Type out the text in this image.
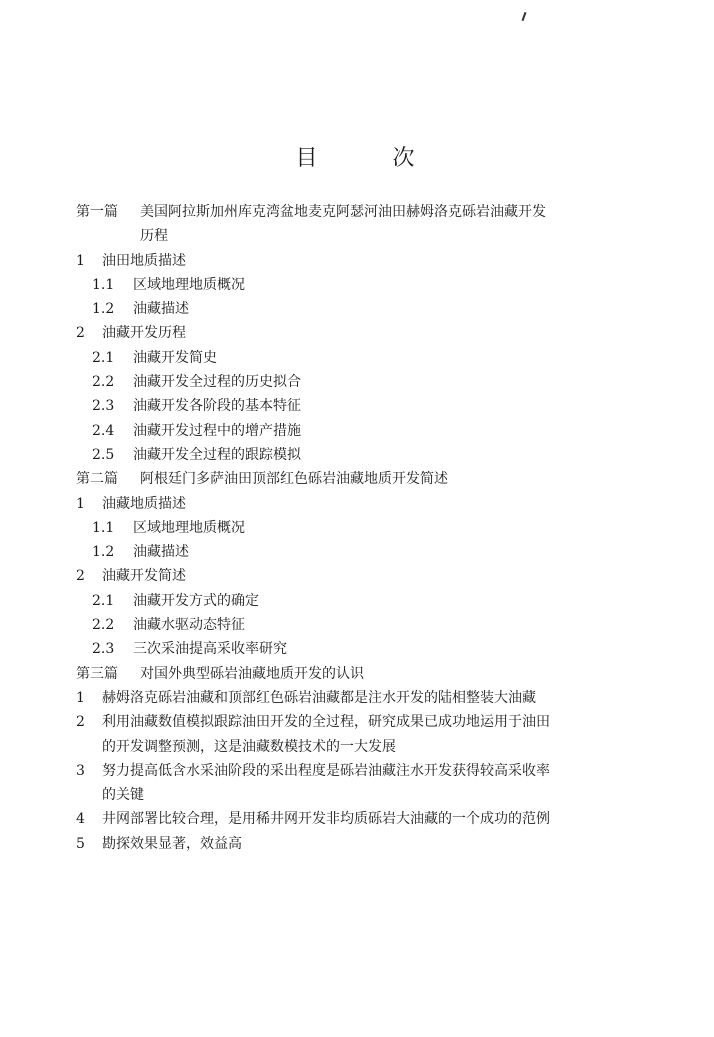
目 次
第一篇 美国阿拉斯加州库克湾盆地麦克阿瑟河油田赫姆洛克砾岩油藏开发
历程
1 油田地质描述
1.1 区域地理地质概况
1.2 油藏描述
2 油藏开发历程
2.1 油藏开发简史
2.2 油藏开发全过程的历史拟合
2.3 油藏开发各阶段的基本特征
2.4 油藏开发过程中的增产措施
2.5 油藏开发全过程的跟踪模拟
第二篇 阿根廷门多萨油田顶部红色砾岩油藏地质开发简述
1 油藏地质描述
1.1 区域地理地质概况
1.2 油藏描述
2 油藏开发简述
2.1 油藏开发方式的确定
2.2 油藏水驱动态特征
2.3 三次采油提高采收率研究
第三篇 对国外典型砾岩油藏地质开发的认识
1 赫姆洛克砾岩油藏和顶部红色砾岩油藏都是注水开发的陆相整装大油藏
2 利用油藏数值模拟跟踪油田开发的全过程，研究成果已成功地运用于油田
的开发调整预测，这是油藏数模技术的一大发展
3 努力提高低含水采油阶段的采出程度是砾岩油藏注水开发获得较高采收率
的关键
4 井网部署比较合理，是用稀井网开发非均质砾岩大油藏的一个成功的范例
5 勘探效果显著，效益高
